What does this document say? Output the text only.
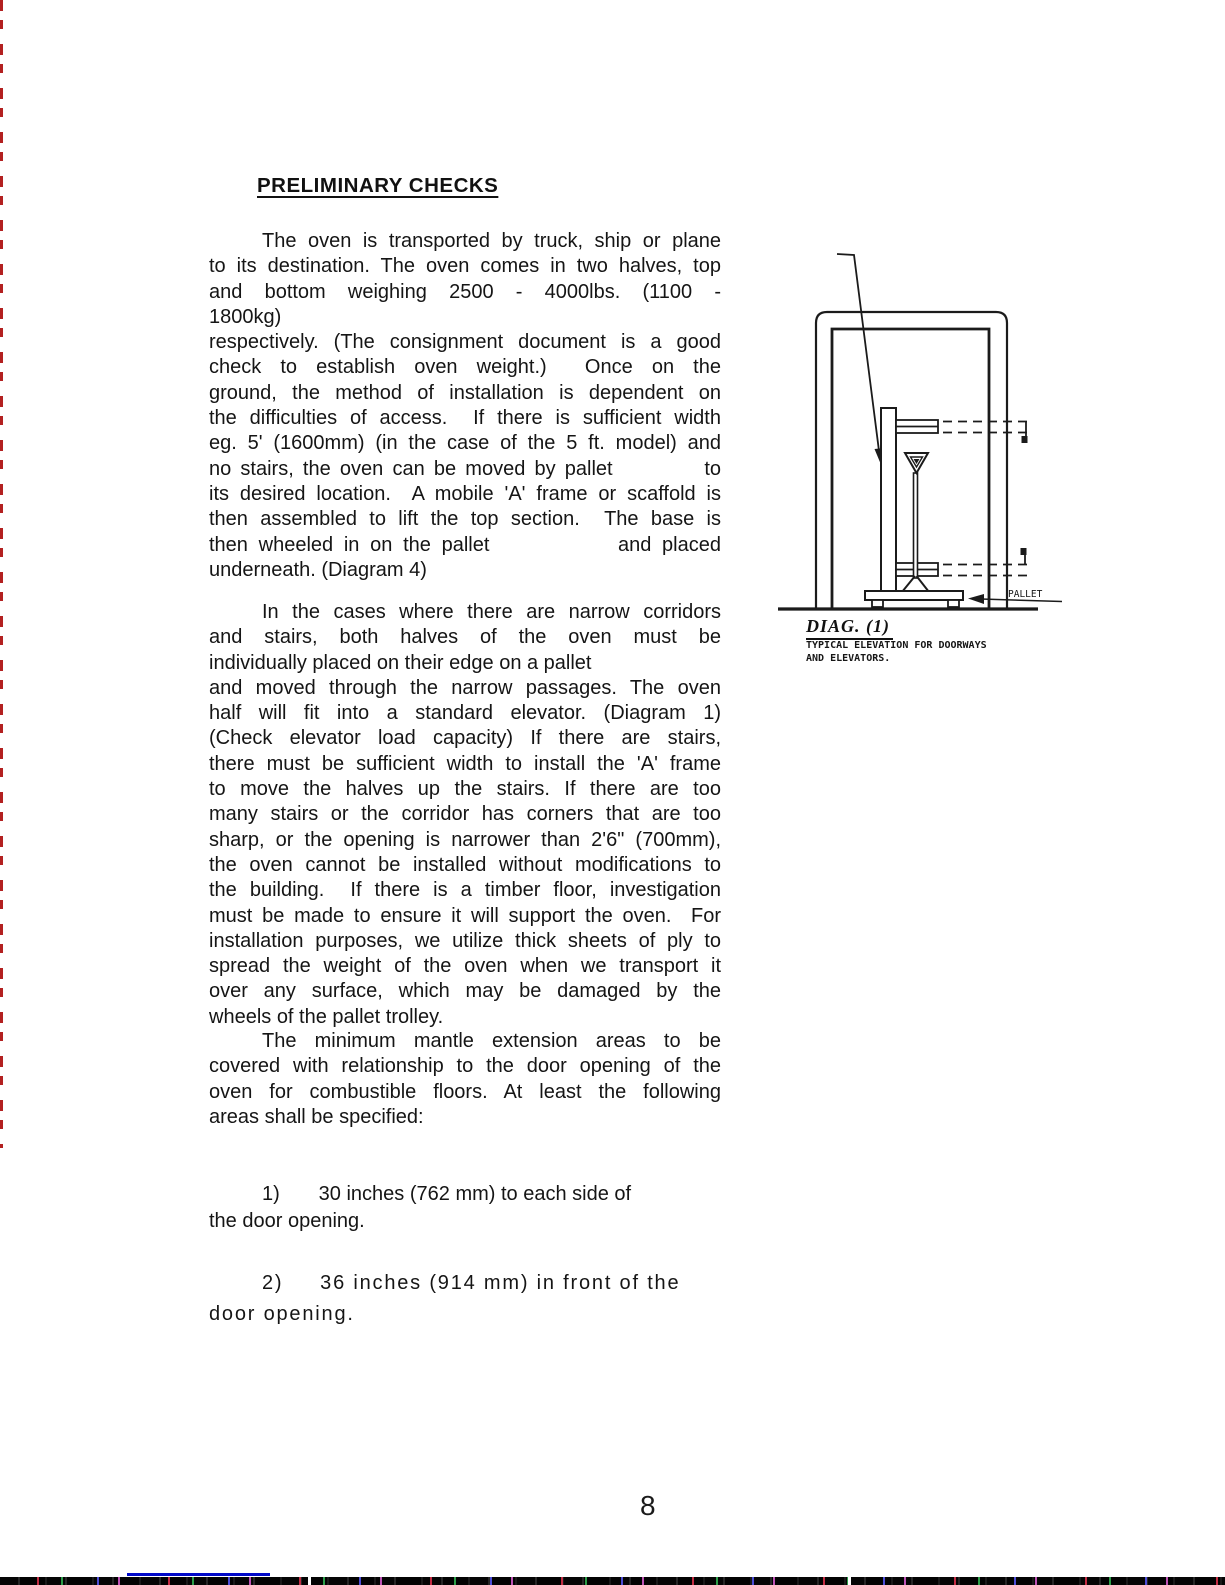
PRELIMINARY CHECKS
The oven is transported by truck, ship or plane
to its destination. The oven comes in two halves, top
and bottom weighing 2500 - 4000lbs. (1100 -
1800kg)
respectively. (The consignment document is a good
check to establish oven weight.)  Once on the
ground, the method of installation is dependent on
the difficulties of access.  If there is sufficient width
eg. 5' (1600mm) (in the case of the 5 ft. model) and
no stairs, the oven can be moved by pallet          to
its desired location.  A mobile 'A' frame or scaffold is
then assembled to lift the top section.  The base is
then wheeled in on the pallet            and placed
underneath. (Diagram 4)
In the cases where there are narrow corridors
and stairs, both halves of the oven must be
individually placed on their edge on a pallet
and moved through the narrow passages. The oven
half will fit into a standard elevator. (Diagram 1)
(Check elevator load capacity) If there are stairs,
there must be sufficient width to install the 'A' frame
to move the halves up the stairs. If there are too
many stairs or the corridor has corners that are too
sharp, or the opening is narrower than 2'6" (700mm),
the oven cannot be installed without modifications to
the building.  If there is a timber floor, investigation
must be made to ensure it will support the oven.  For
installation purposes, we utilize thick sheets of ply to
spread the weight of the oven when we transport it
over any surface, which may be damaged by the
wheels of the pallet trolley.
The minimum mantle extension areas to be
covered with relationship to the door opening of the
oven for combustible floors. At least the following
areas shall be specified:
1)       30 inches (762 mm) to each side of
the door opening.
2)     36 inches (914 mm) in front of the
door opening.
PALLET
DIAG. (1)
TYPICAL ELEVATION FOR DOORWAYS
AND ELEVATORS.
8
